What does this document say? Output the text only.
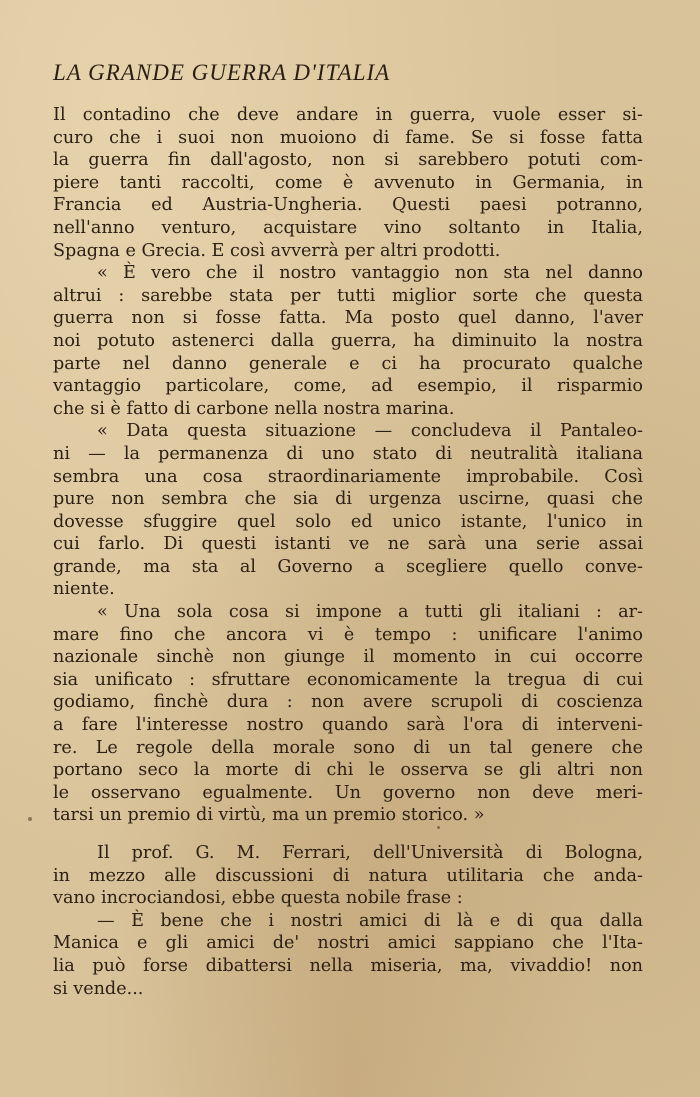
LA GRANDE GUERRA D'ITALIA
Il contadino che deve andare in guerra, vuole esser si-
curo che i suoi non muoiono di fame. Se si fosse fatta
la guerra fin dall'agosto, non si sarebbero potuti com-
piere tanti raccolti, come è avvenuto in Germania, in
Francia ed Austria-Ungheria. Questi paesi potranno,
nell'anno venturo, acquistare vino soltanto in Italia,
Spagna e Grecia. E così avverrà per altri prodotti.
« È vero che il nostro vantaggio non sta nel danno
altrui : sarebbe stata per tutti miglior sorte che questa
guerra non si fosse fatta. Ma posto quel danno, l'aver
noi potuto astenerci dalla guerra, ha diminuito la nostra
parte nel danno generale e ci ha procurato qualche
vantaggio particolare, come, ad esempio, il risparmio
che si è fatto di carbone nella nostra marina.
« Data questa situazione — concludeva il Pantaleo-
ni — la permanenza di uno stato di neutralità italiana
sembra una cosa straordinariamente improbabile. Così
pure non sembra che sia di urgenza uscirne, quasi che
dovesse sfuggire quel solo ed unico istante, l'unico in
cui farlo. Di questi istanti ve ne sarà una serie assai
grande, ma sta al Governo a scegliere quello conve-
niente.
« Una sola cosa si impone a tutti gli italiani : ar-
mare fino che ancora vi è tempo : unificare l'animo
nazionale sinchè non giunge il momento in cui occorre
sia unificato : sfruttare economicamente la tregua di cui
godiamo, finchè dura : non avere scrupoli di coscienza
a fare l'interesse nostro quando sarà l'ora di interveni-
re. Le regole della morale sono di un tal genere che
portano seco la morte di chi le osserva se gli altri non
le osservano egualmente. Un governo non deve meri-
tarsi un premio di virtù, ma un premio storico. »
Il prof. G. M. Ferrari, dell'Università di Bologna,
in mezzo alle discussioni di natura utilitaria che anda-
vano incrociandosi, ebbe questa nobile frase :
— È bene che i nostri amici di là e di qua dalla
Manica e gli amici de' nostri amici sappiano che l'Ita-
lia può forse dibattersi nella miseria, ma, vivaddio! non
si vende...
